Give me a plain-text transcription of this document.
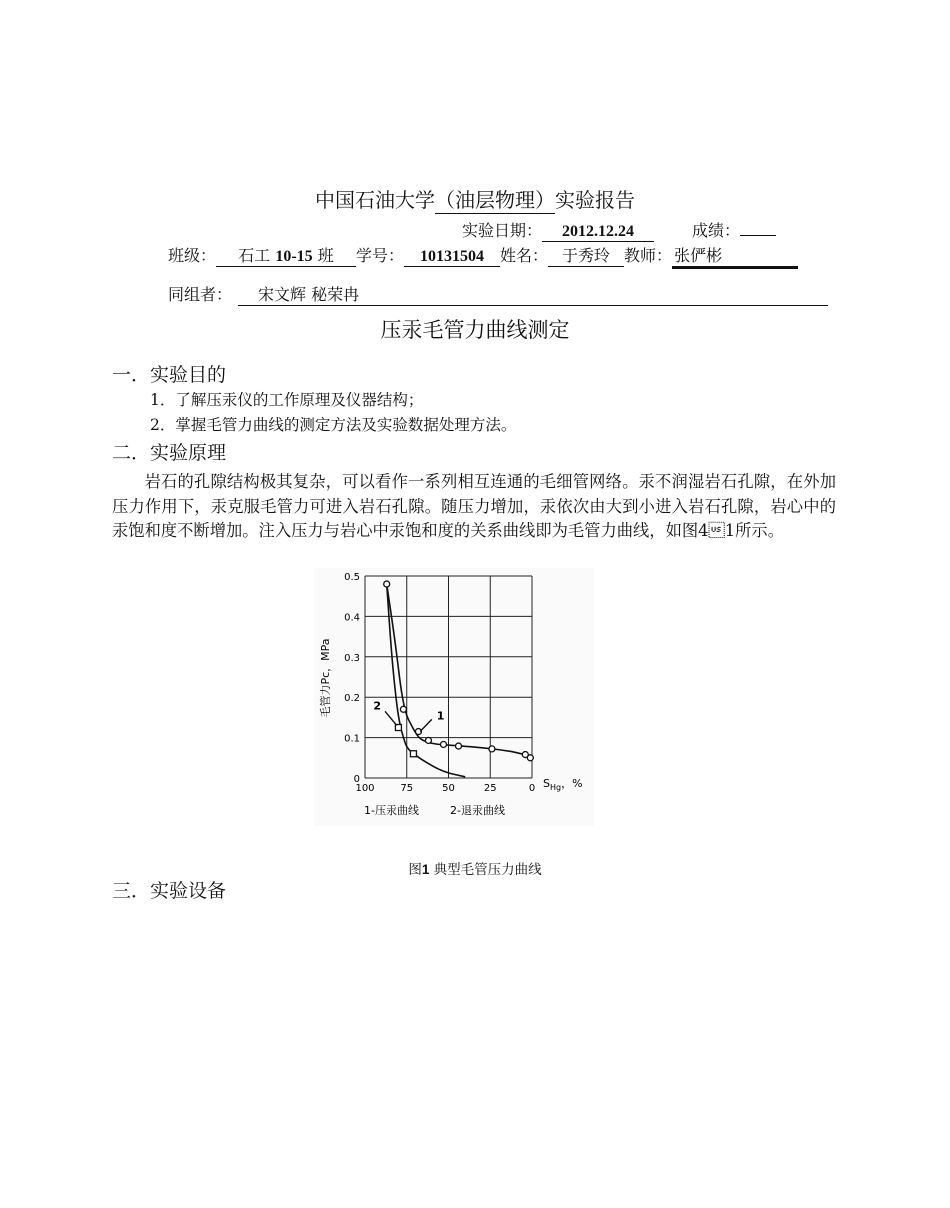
中国石油大学（油层物理）实验报告
实验日期： 2012.12.24	成绩：
班级： 石工 10-15 班 学号： 10131504 姓名： 于秀玲 教师： 张俨彬
同组者： 宋文辉 秘荣冉
压汞毛管力曲线测定
一．实验目的
1．了解压汞仪的工作原理及仪器结构；
2．掌握毛管力曲线的测定方法及实验数据处理方法。
二．实验原理

岩石的孔隙结构极其复杂，可以看作一系列相互连通的毛细管网络。汞不润湿岩石孔隙，在外加压力作用下，汞克服毛管力可进入岩石孔隙。随压力增加，汞依次由大到小进入岩石孔隙，岩心中的汞饱和度不断增加。注入压力与岩心中汞饱和度的关系曲线即为毛管力曲线，如图41所示。

0
0.1
0.2
0.3
0.4
0.5
100	75	50	25	0
毛管力Pc，MPa
$S_{Hg}$，%
1-压汞曲线	2-退汞曲线
1
2
图1 典型毛管压力曲线
三．实验设备
